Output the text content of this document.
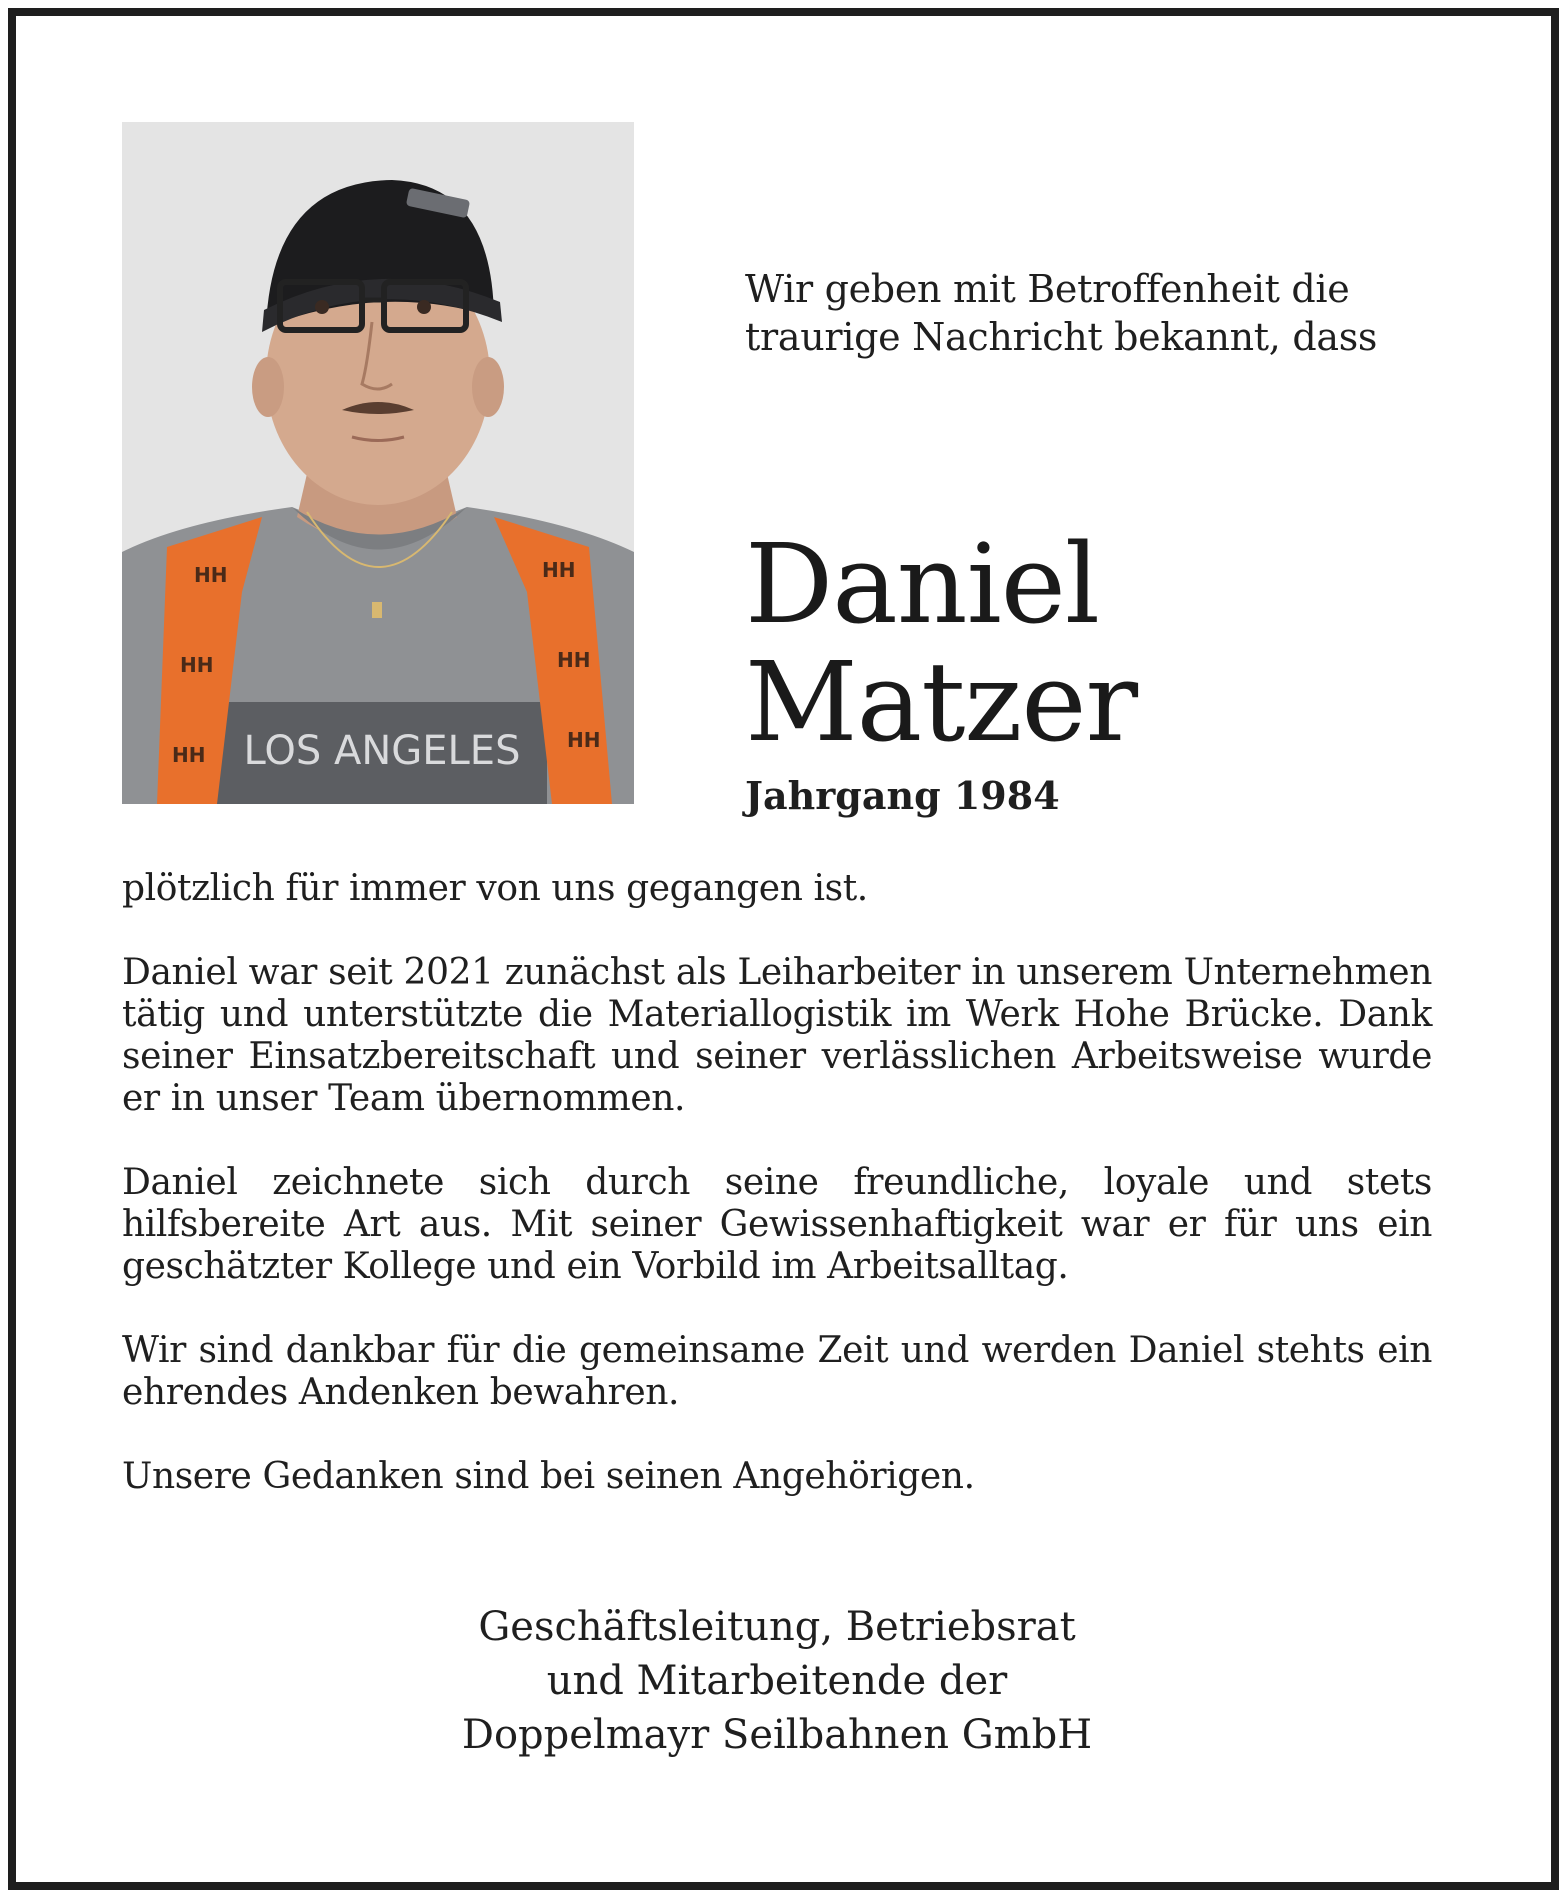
LOS ANGELES
HH
HH
HH
HH
HH
HH
Wir geben mit Betroffenheit die traurige Nachricht bekannt, dass
Daniel
Matzer
Jahrgang 1984

plötzlich für immer von uns gegangen ist.

Daniel war seit 2021 zunächst als Leiharbeiter in unserem Unternehmen tätig und unterstützte die Materiallogistik im Werk Hohe Brücke. Dank seiner Einsatzbereitschaft und seiner verlässlichen Arbeitsweise wurde er in unser Team übernommen.

Daniel zeichnete sich durch seine freundliche, loyale und stets hilfsbereite Art aus. Mit seiner Gewissenhaftigkeit war er für uns ein geschätzter Kollege und ein Vorbild im Arbeitsalltag.

Wir sind dankbar für die gemeinsame Zeit und werden Daniel stehts ein ehrendes Andenken bewahren.

Unsere Gedanken sind bei seinen Angehörigen.

Geschäftsleitung, Betriebsrat
und Mitarbeitende der
Doppelmayr Seilbahnen GmbH
